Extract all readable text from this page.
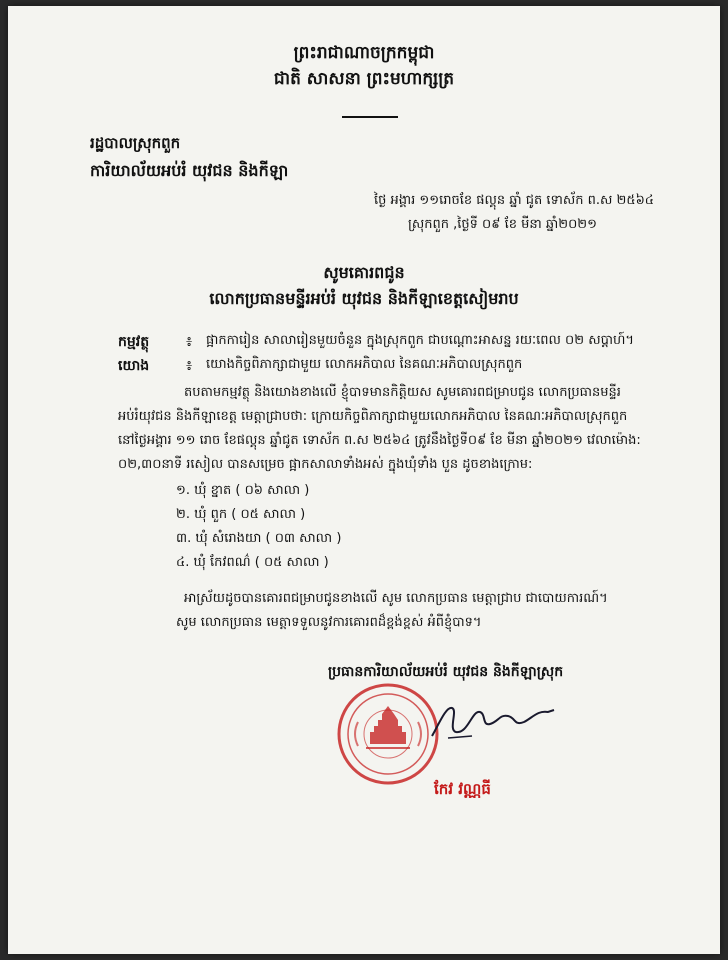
ព្រះរាជាណាចក្រកម្ពុជា
ជាតិ សាសនា ព្រះមហាក្សត្រ
រដ្ឋបាលស្រុកពួក
ការិយាល័យអប់រំ យុវជន និងកីឡា
ថ្ងៃ អង្គារ ១១រោចខែ ផល្គុន ឆ្នាំ ជូត ទោស័ក ព.ស ២៥៦៤
ស្រុកពួក ,ថ្ងៃទី ០៩ ខែ មីនា ឆ្នាំ២០២១
សូមគោរពជូន
លោកប្រធានមន្ទីរអប់រំ យុវជន និងកីឡាខេត្តសៀមរាប
កម្មវត្ថុ	៖ ផ្អាកការៀន សាលារៀនមួយចំនួន ក្នុងស្រុកពួក ជាបណ្ដោះអាសន្ន រយៈពេល ០២ សប្ដាហ៍។
យោង	៖ យោងកិច្ចពិភាក្សាជាមួយ លោកអភិបាល នៃគណៈអភិបាលស្រុកពួក
តបតាមកម្មវត្ថុ និងយោងខាងលើ ខ្ញុំបាទមានកិត្តិយស សូមគោរពជម្រាបជូន លោកប្រធានមន្ទីរ
អប់រំយុវជន និងកីឡាខេត្ត មេត្តាជ្រាបថា: ក្រោយកិច្ចពិភាក្សាជាមួយលោកអភិបាល នៃគណៈអភិបាលស្រុកពួក
នៅថ្ងៃអង្គារ ១១ រោច ខែផល្គុន ឆ្នាំជូត ទោស័ក ព.ស ២៥៦៤ ត្រូវនឹងថ្ងៃទី០៩ ខែ មីនា ឆ្នាំ២០២១ វេលាម៉ោង:
០២,៣០នាទី រសៀល បានសម្រេច ផ្អាកសាលាទាំងអស់ ក្នុងឃុំទាំង បួន ដូចខាងក្រោម:
១. ឃុំ ខ្នាត ( ០៦ សាលា )
២. ឃុំ ពួក ( ០៥ សាលា )
៣. ឃុំ សំរោងយា ( ០៣ សាលា )
៤. ឃុំ កែវពណ៌ ( ០៥ សាលា )
អាស្រ័យដូចបានគោរពជម្រាបជូនខាងលើ សូម លោកប្រធាន មេត្តាជ្រាប ជាបោយការណ៍។
សូម លោកប្រធាន មេត្តាទទួលនូវការគោរពដ៏ខ្ពង់ខ្ពស់ អំពីខ្ញុំបាទ។
ប្រធានការិយាល័យអប់រំ យុវជន និងកីឡាស្រុក
កែវ វណ្ណធី
